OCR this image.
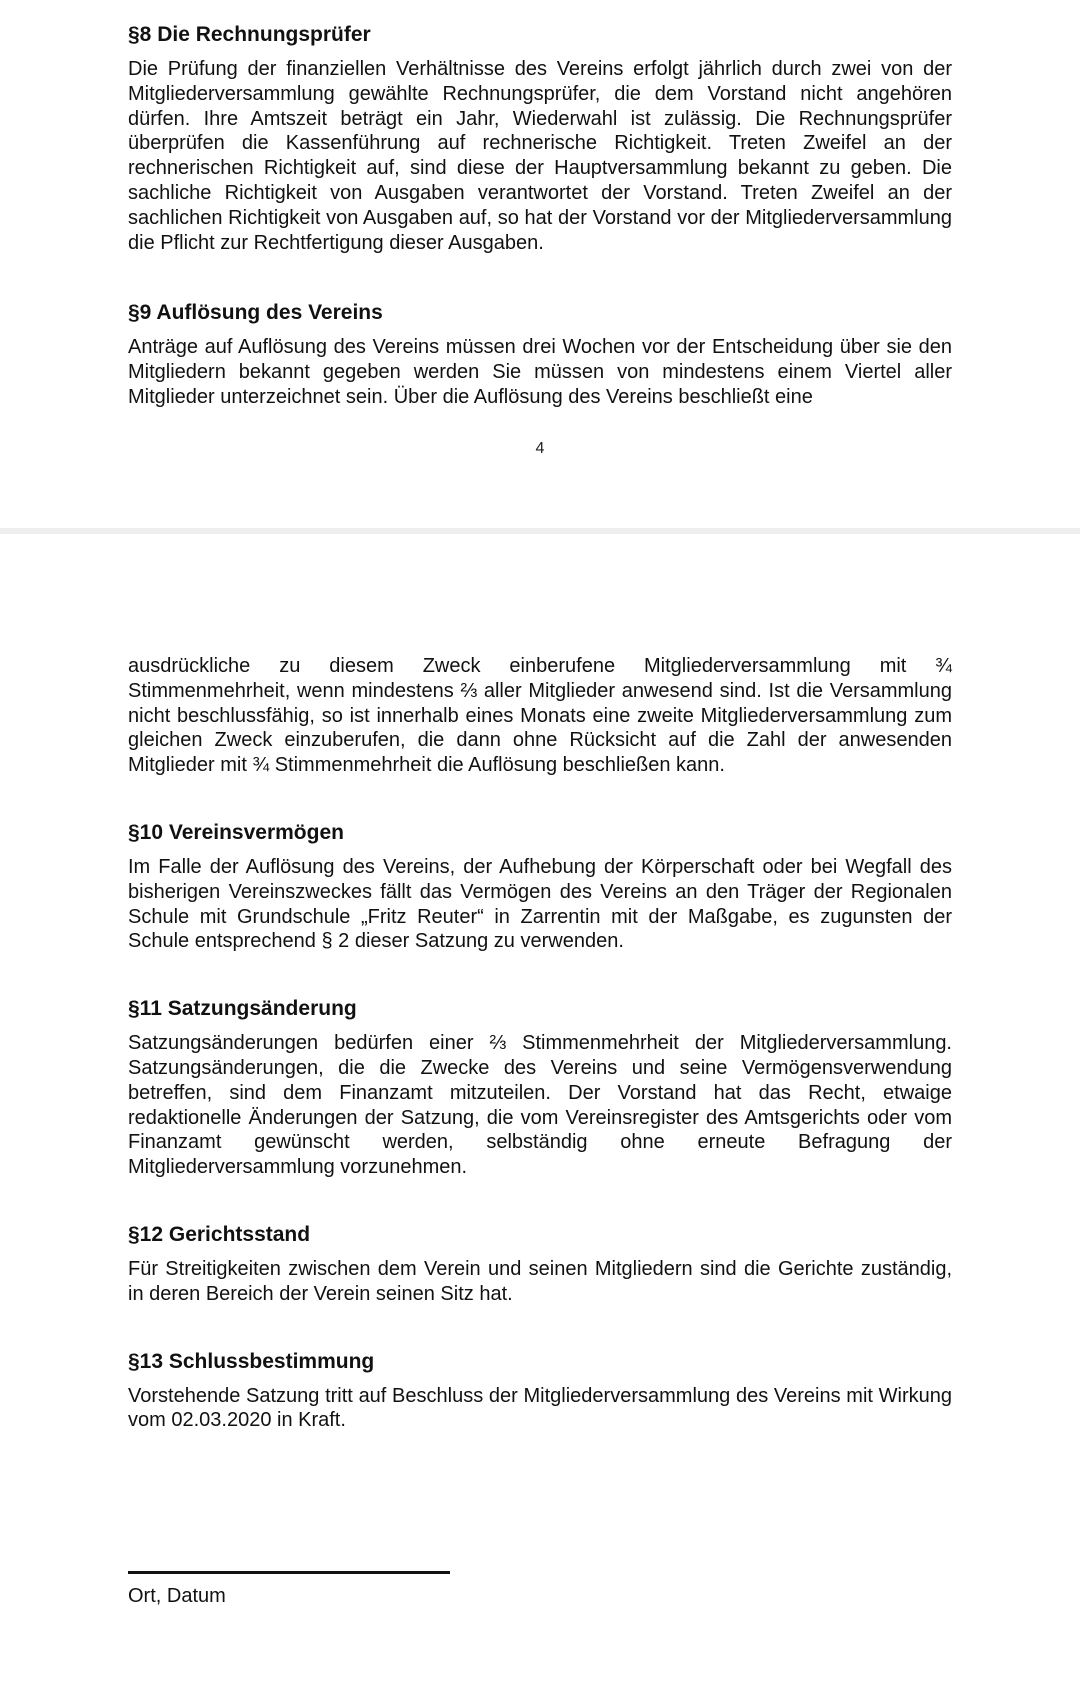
§8 Die Rechnungsprüfer

Die Prüfung der finanziellen Verhältnisse des Vereins erfolgt jährlich durch zwei von der Mitgliederversammlung gewählte Rechnungsprüfer, die dem Vorstand nicht angehören dürfen. Ihre Amtszeit beträgt ein Jahr, Wiederwahl ist zulässig. Die Rechnungsprüfer überprüfen die Kassenführung auf rechnerische Richtigkeit. Treten Zweifel an der rechnerischen Richtigkeit auf, sind diese der Hauptversammlung bekannt zu geben. Die sachliche Richtigkeit von Ausgaben verantwortet der Vorstand. Treten Zweifel an der sachlichen Richtigkeit von Ausgaben auf, so hat der Vorstand vor der Mitgliederversammlung die Pflicht zur Rechtfertigung dieser Ausgaben.

§9 Auflösung des Vereins

Anträge auf Auflösung des Vereins müssen drei Wochen vor der Entscheidung über sie den Mitgliedern bekannt gegeben werden Sie müssen von mindestens einem Viertel aller Mitglieder unterzeichnet sein. Über die Auflösung des Vereins beschließt eine

4

ausdrückliche zu diesem Zweck einberufene Mitgliederversammlung mit ¾ Stimmenmehrheit, wenn mindestens ⅔ aller Mitglieder anwesend sind. Ist die Versammlung nicht beschlussfähig, so ist innerhalb eines Monats eine zweite Mitgliederversammlung zum gleichen Zweck einzuberufen, die dann ohne Rücksicht auf die Zahl der anwesenden Mitglieder mit ¾ Stimmenmehrheit die Auflösung beschließen kann.

§10 Vereinsvermögen

Im Falle der Auflösung des Vereins, der Aufhebung der Körperschaft oder bei Wegfall des bisherigen Vereinszweckes fällt das Vermögen des Vereins an den Träger der Regionalen Schule mit Grundschule „Fritz Reuter“ in Zarrentin mit der Maßgabe, es zugunsten der Schule entsprechend § 2 dieser Satzung zu verwenden.

§11 Satzungsänderung

Satzungsänderungen bedürfen einer ⅔ Stimmenmehrheit der Mitgliederversammlung. Satzungsänderungen, die die Zwecke des Vereins und seine Vermögensverwendung betreffen, sind dem Finanzamt mitzuteilen. Der Vorstand hat das Recht, etwaige redaktionelle Änderungen der Satzung, die vom Vereinsregister des Amtsgerichts oder vom Finanzamt gewünscht werden, selbständig ohne erneute Befragung der Mitgliederversammlung vorzunehmen.

§12 Gerichtsstand

Für Streitigkeiten zwischen dem Verein und seinen Mitgliedern sind die Gerichte zuständig, in deren Bereich der Verein seinen Sitz hat.

§13 Schlussbestimmung

Vorstehende Satzung tritt auf Beschluss der Mitgliederversammlung des Vereins mit Wirkung vom 02.03.2020 in Kraft.

Ort, Datum
